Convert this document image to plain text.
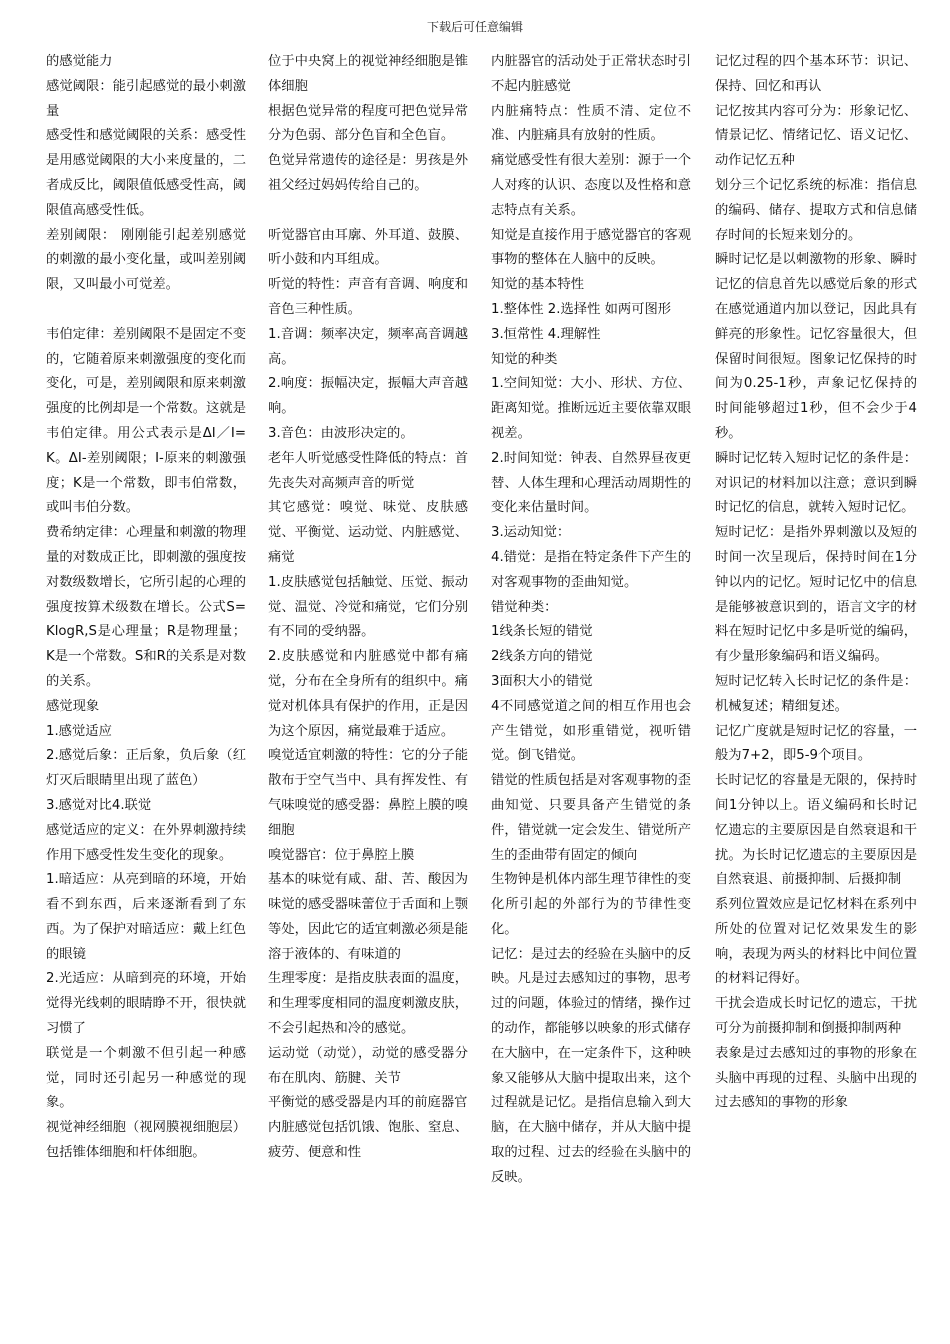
下载后可任意编辑

的感觉能力

感觉阈限：能引起感觉的最小刺激量

感受性和感觉阈限的关系：感受性是用感觉阈限的大小来度量的，二者成反比，阈限值低感受性高，阈限值高感受性低。

差别阈限： 刚刚能引起差别感觉的刺激的最小变化量，或叫差别阈限，又叫最小可觉差。

韦伯定律：差别阈限不是固定不变的，它随着原来刺激强度的变化而变化，可是，差别阈限和原来刺激强度的比例却是一个常数。这就是韦伯定律。用公式表示是ΔI／I=K。ΔI-差别阈限；I-原来的刺激强度；K是一个常数，即韦伯常数，或叫韦伯分数。

费希纳定律：心理量和刺激的物理量的对数成正比，即刺激的强度按对数级数增长，它所引起的心理的强度按算术级数在增长。公式S=KlogR,S是心理量；R是物理量；K是一个常数。S和R的关系是对数的关系。

感觉现象

1.感觉适应

2.感觉后象：正后象，负后象（红灯灭后眼睛里出现了蓝色）

3.感觉对比4.联觉

感觉适应的定义：在外界刺激持续作用下感受性发生变化的现象。

1.暗适应：从亮到暗的环境，开始看不到东西，后来逐渐看到了东西。为了保护对暗适应：戴上红色的眼镜

2.光适应：从暗到亮的环境，开始觉得光线刺的眼睛睁不开，很快就习惯了

联觉是一个刺激不但引起一种感觉，同时还引起另一种感觉的现象。

视觉神经细胞（视网膜视细胞层）包括锥体细胞和杆体细胞。

位于中央窝上的视觉神经细胞是锥体细胞

根据色觉异常的程度可把色觉异常分为色弱、部分色盲和全色盲。

色觉异常遗传的途径是：男孩是外祖父经过妈妈传给自己的。

听觉器官由耳廓、外耳道、鼓膜、听小鼓和内耳组成。

听觉的特性：声音有音调、响度和音色三种性质。

1.音调：频率决定，频率高音调越高。

2.响度：振幅决定，振幅大声音越响。

3.音色：由波形决定的。

老年人听觉感受性降低的特点：首先丧失对高频声音的听觉

其它感觉：嗅觉、味觉、皮肤感觉、平衡觉、运动觉、内脏感觉、痛觉

1.皮肤感觉包括触觉、压觉、振动觉、温觉、冷觉和痛觉，它们分别有不同的受纳器。

2.皮肤感觉和内脏感觉中都有痛觉，分布在全身所有的组织中。痛觉对机体具有保护的作用，正是因为这个原因，痛觉最难于适应。

嗅觉适宜刺激的特性：它的分子能散布于空气当中、具有挥发性、有气味嗅觉的感受器：鼻腔上膜的嗅细胞

嗅觉器官：位于鼻腔上膜

基本的味觉有咸、甜、苦、酸因为味觉的感受器味蕾位于舌面和上颚等处，因此它的适宜刺激必须是能溶于液体的、有味道的

生理零度：是指皮肤表面的温度，和生理零度相同的温度刺激皮肤，不会引起热和冷的感觉。

运动觉（动觉），动觉的感受器分布在肌肉、筋腱、关节

平衡觉的感受器是内耳的前庭器官

内脏感觉包括饥饿、饱胀、窒息、疲劳、便意和性

内脏器官的活动处于正常状态时引不起内脏感觉

内脏痛特点：性质不清、定位不准、内脏痛具有放射的性质。

痛觉感受性有很大差别：源于一个人对疼的认识、态度以及性格和意志特点有关系。

知觉是直接作用于感觉器官的客观事物的整体在人脑中的反映。

知觉的基本特性

1.整体性 2.选择性 如两可图形

3.恒常性 4.理解性

知觉的种类

1.空间知觉：大小、形状、方位、距离知觉。推断远近主要依靠双眼视差。

2.时间知觉：钟表、自然界昼夜更替、人体生理和心理活动周期性的变化来估量时间。

3.运动知觉：

4.错觉：是指在特定条件下产生的对客观事物的歪曲知觉。

错觉种类：

1线条长短的错觉

2线条方向的错觉

3面积大小的错觉

4不同感觉道之间的相互作用也会产生错觉，如形重错觉，视听错觉。倒飞错觉。

错觉的性质包括是对客观事物的歪曲知觉、只要具备产生错觉的条件，错觉就一定会发生、错觉所产生的歪曲带有固定的倾向

生物钟是机体内部生理节律性的变化所引起的外部行为的节律性变化。

记忆：是过去的经验在头脑中的反映。凡是过去感知过的事物，思考过的问题，体验过的情绪，操作过的动作，都能够以映象的形式储存在大脑中，在一定条件下，这种映象又能够从大脑中提取出来，这个过程就是记忆。是指信息输入到大脑，在大脑中储存，并从大脑中提取的过程、过去的经验在头脑中的反映。

记忆过程的四个基本环节：识记、保持、回忆和再认

记忆按其内容可分为：形象记忆、情景记忆、情绪记忆、语义记忆、动作记忆五种

划分三个记忆系统的标准：指信息的编码、储存、提取方式和信息储存时间的长短来划分的。

瞬时记忆是以刺激物的形象、瞬时记忆的信息首先以感觉后象的形式在感觉通道内加以登记，因此具有鲜亮的形象性。记忆容量很大，但保留时间很短。图象记忆保持的时间为0.25-1秒，声象记忆保持的时间能够超过1秒，但不会少于4秒。

瞬时记忆转入短时记忆的条件是：对识记的材料加以注意；意识到瞬时记忆的信息，就转入短时记忆。

短时记忆：是指外界刺激以及短的时间一次呈现后，保持时间在1分钟以内的记忆。短时记忆中的信息是能够被意识到的，语言文字的材料在短时记忆中多是听觉的编码，有少量形象编码和语义编码。

短时记忆转入长时记忆的条件是：机械复述；精细复述。

记忆广度就是短时记忆的容量，一般为7+2，即5-9个项目。

长时记忆的容量是无限的，保持时间1分钟以上。语义编码和长时记忆遗忘的主要原因是自然衰退和干扰。为长时记忆遗忘的主要原因是自然衰退、前摄抑制、后摄抑制

系列位置效应是记忆材料在系列中所处的位置对记忆效果发生的影响，表现为两头的材料比中间位置的材料记得好。

干扰会造成长时记忆的遗忘，干扰可分为前摄抑制和倒摄抑制两种

表象是过去感知过的事物的形象在头脑中再现的过程、头脑中出现的过去感知的事物的形象
